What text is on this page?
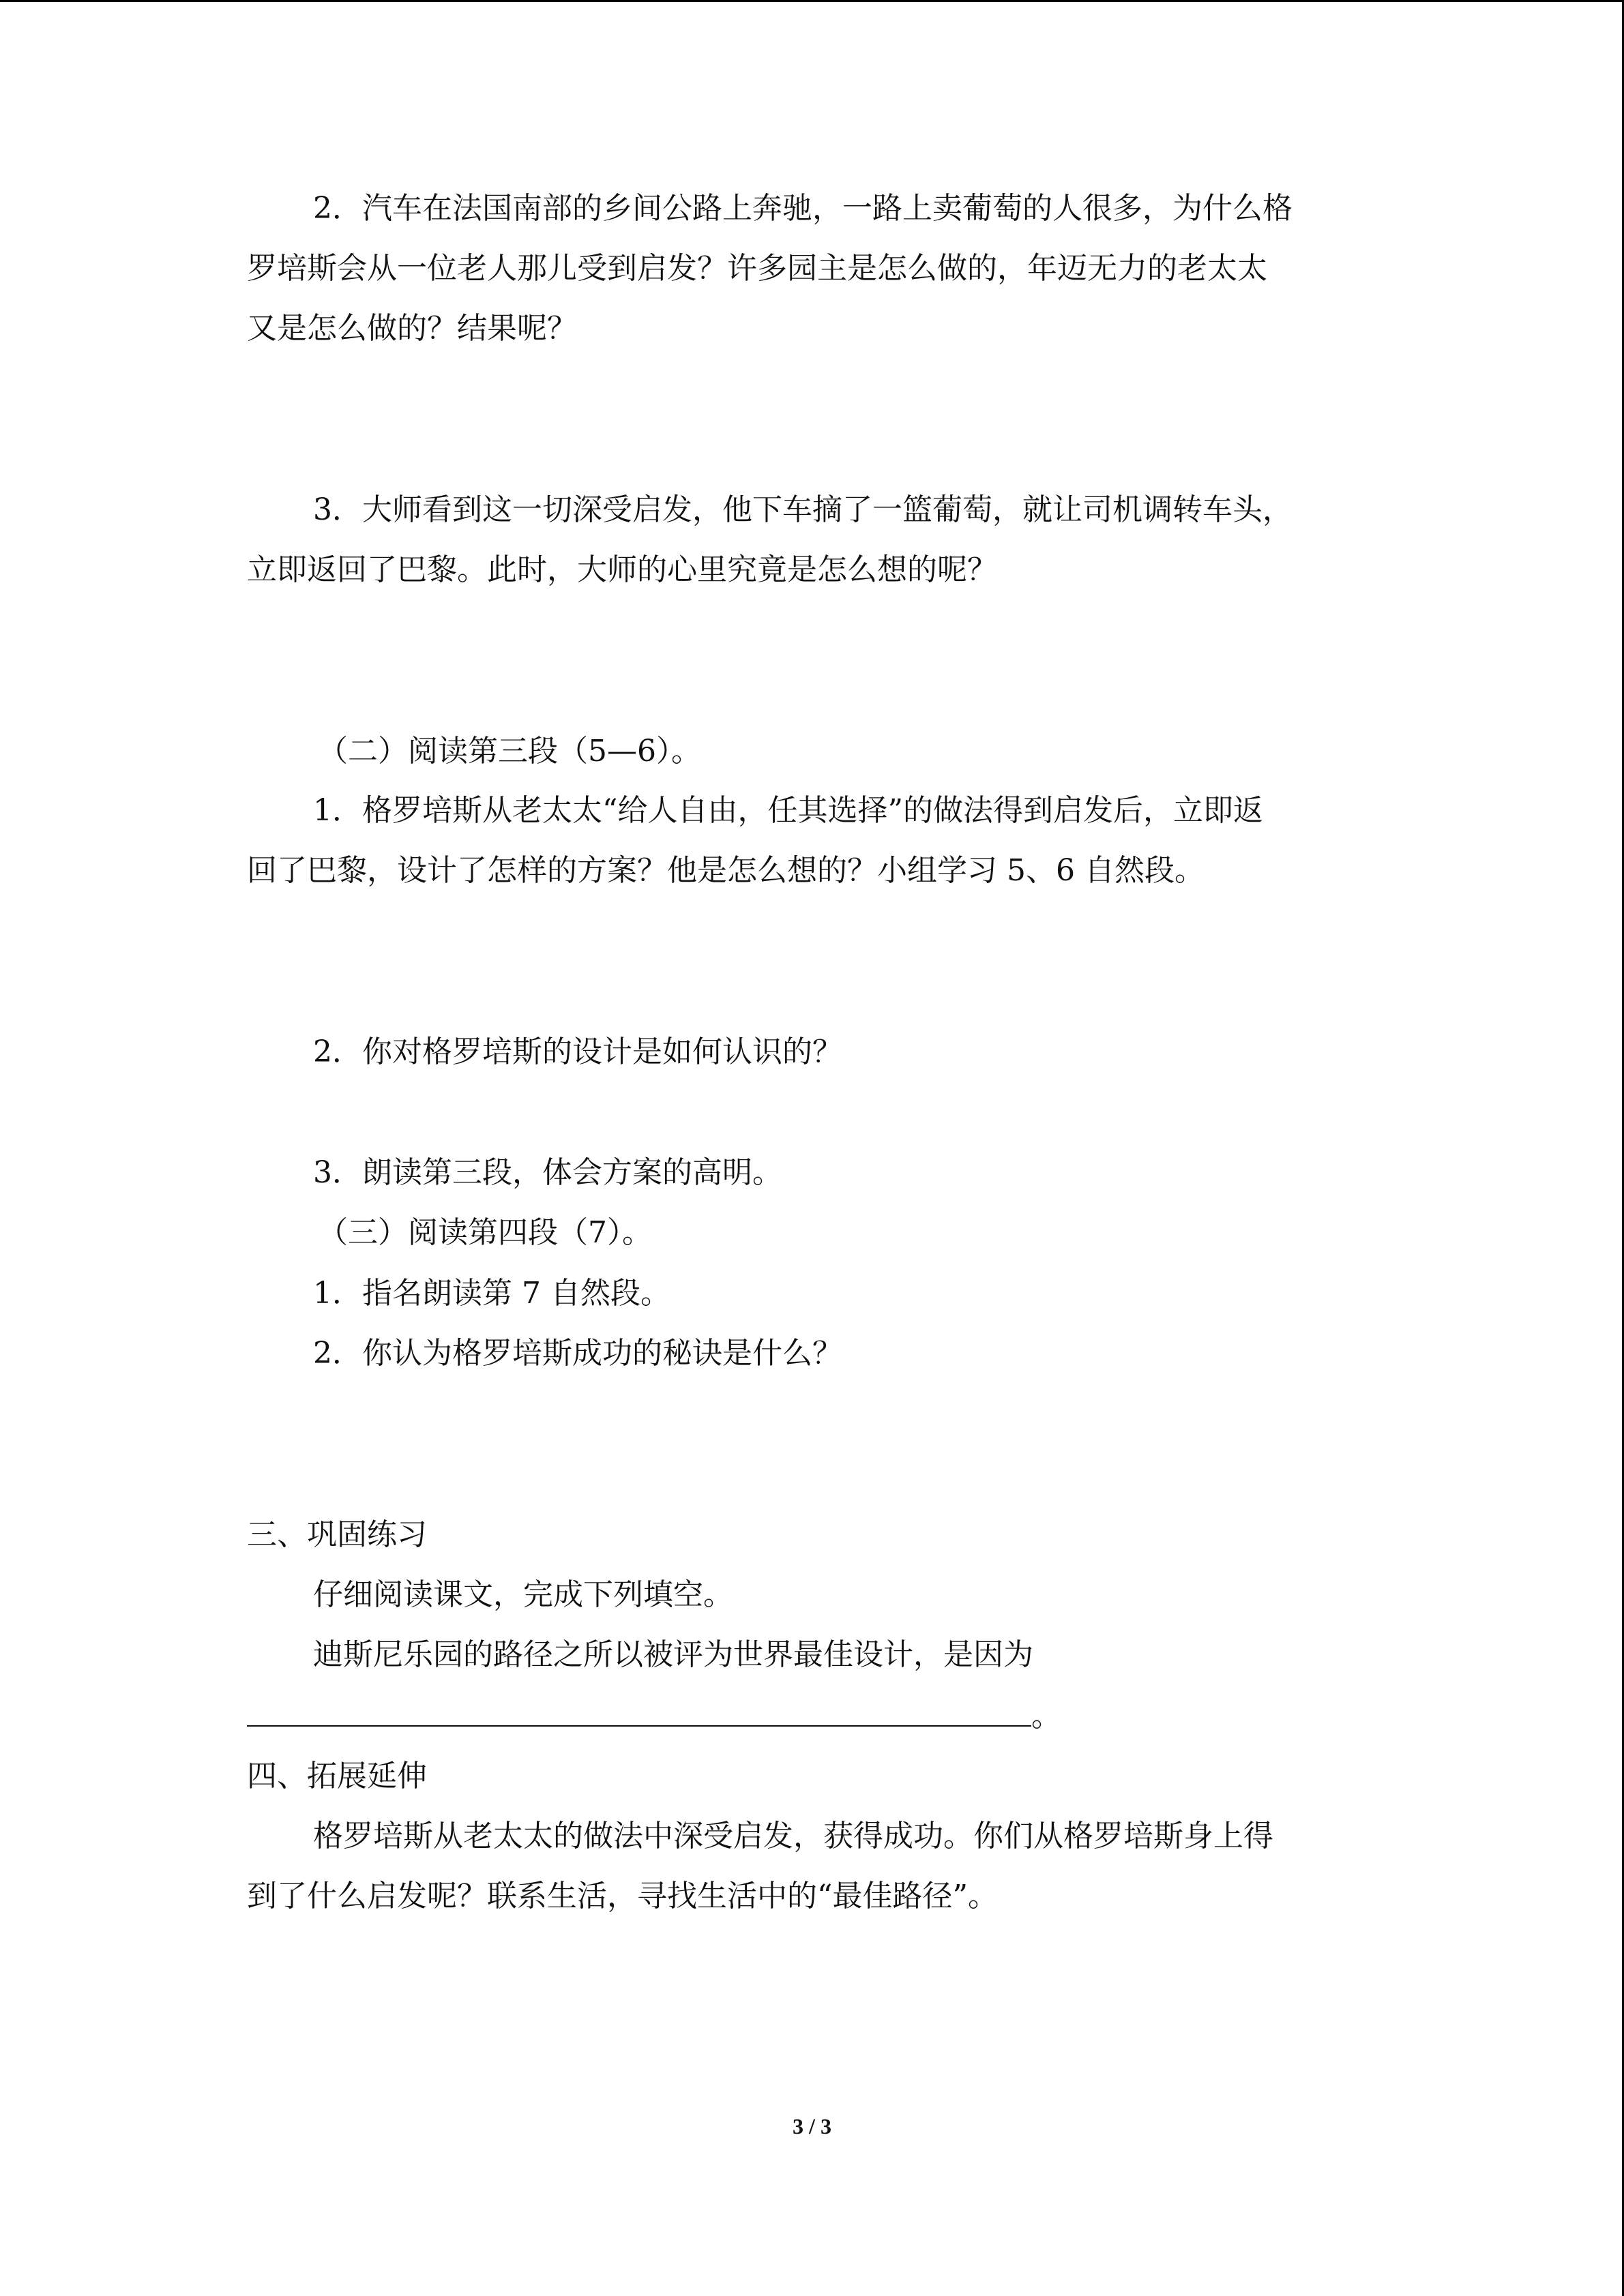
2．汽车在法国南部的乡间公路上奔驰，一路上卖葡萄的人很多，为什么格
罗培斯会从一位老人那儿受到启发？许多园主是怎么做的，年迈无力的老太太
又是怎么做的？结果呢？
3．大师看到这一切深受启发，他下车摘了一篮葡萄，就让司机调转车头，
立即返回了巴黎。此时，大师的心里究竟是怎么想的呢？
（二）阅读第三段（5—6）。
1．格罗培斯从老太太“给人自由，任其选择”的做法得到启发后，立即返
回了巴黎，设计了怎样的方案？他是怎么想的？小组学习 5、6 自然段。
2．你对格罗培斯的设计是如何认识的？
3．朗读第三段，体会方案的高明。
（三）阅读第四段（7）。
1．指名朗读第 7 自然段。
2．你认为格罗培斯成功的秘诀是什么？
三、巩固练习
仔细阅读课文，完成下列填空。
迪斯尼乐园的路径之所以被评为世界最佳设计，是因为
。
四、拓展延伸
格罗培斯从老太太的做法中深受启发，获得成功。你们从格罗培斯身上得
到了什么启发呢？联系生活，寻找生活中的“最佳路径”。
3 / 3
